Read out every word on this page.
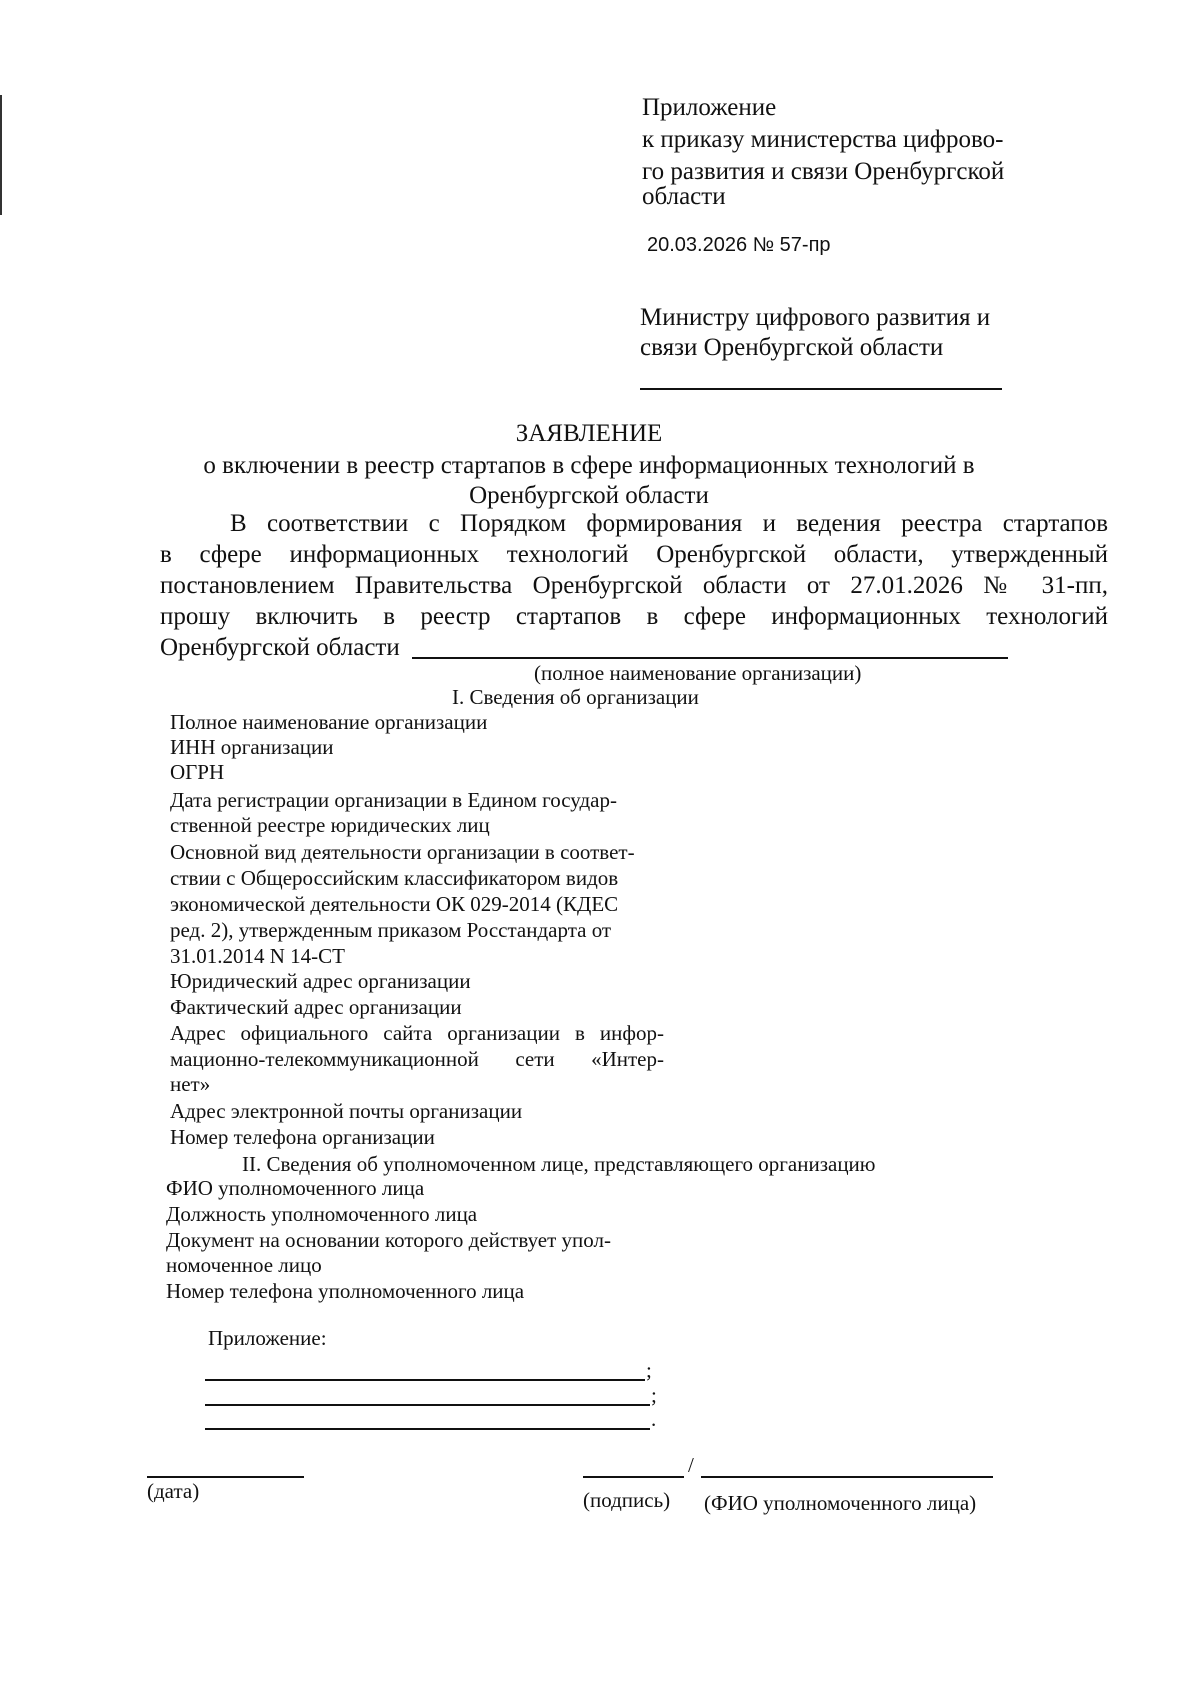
Приложение
к приказу министерства цифрово-
го развития и связи Оренбургской
области
20.03.2026 № 57-пр
Министру цифрового развития и
связи Оренбургской области
ЗАЯВЛЕНИЕ
о включении в реестр стартапов в сфере информационных технологий в
Оренбургской области
В соответствии с Порядком формирования и ведения реестра стартапов
в сфере информационных технологий Оренбургской области, утвержденный
постановлением Правительства Оренбургской области от 27.01.2026 № 31-пп,
прошу включить в реестр стартапов в сфере информационных технологий
Оренбургской области
(полное наименование организации)
I. Сведения об организации
Полное наименование организации
ИНН организации
ОГРН
Дата регистрации организации в Едином государ-
ственной реестре юридических лиц
Основной вид деятельности организации в соответ-
ствии с Общероссийским классификатором видов
экономической деятельности ОК 029-2014 (КДЕС
ред. 2), утвержденным приказом Росстандарта от
31.01.2014 N 14-СТ
Юридический адрес организации
Фактический адрес организации
Адрес официального сайта организации в инфор-
мационно-телекоммуникационной сети «Интер-
нет»
Адрес электронной почты организации
Номер телефона организации
II. Сведения об уполномоченном лице, представляющего организацию
ФИО уполномоченного лица
Должность уполномоченного лица
Документ на основании которого действует упол-
номоченное лицо
Номер телефона уполномоченного лица
Приложение:
;
;
.
(дата)
/
(подпись) (ФИО уполномоченного лица)
